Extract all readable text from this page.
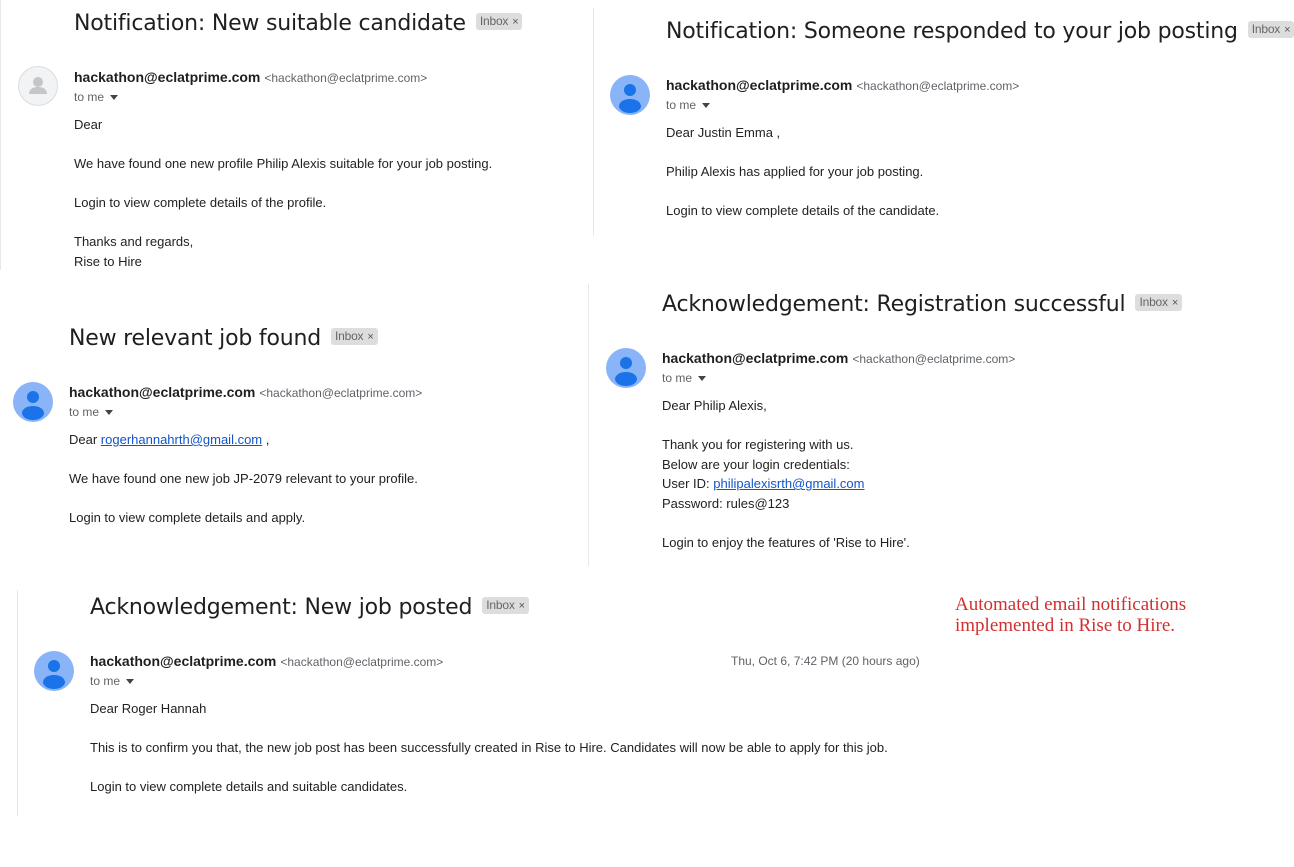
Notification: New suitable candidate Inbox ×
hackathon@eclatprime.com <hackathon@eclatprime.com>
to me
Dear
We have found one new profile Philip Alexis suitable for your job posting.
Login to view complete details of the profile.
Thanks and regards,
Rise to Hire
Notification: Someone responded to your job posting Inbox ×
hackathon@eclatprime.com <hackathon@eclatprime.com>
to me
Dear Justin Emma ,
Philip Alexis has applied for your job posting.
Login to view complete details of the candidate.
New relevant job found Inbox ×
hackathon@eclatprime.com <hackathon@eclatprime.com>
to me
Dear rogerhannahrth@gmail.com ,
We have found one new job JP-2079 relevant to your profile.
Login to view complete details and apply.
Acknowledgement: Registration successful Inbox ×
hackathon@eclatprime.com <hackathon@eclatprime.com>
to me
Dear Philip Alexis,
Thank you for registering with us.
Below are your login credentials:
User ID: philipalexisrth@gmail.com
Password: rules@123
Login to enjoy the features of 'Rise to Hire'.
Acknowledgement: New job posted Inbox ×
hackathon@eclatprime.com <hackathon@eclatprime.com>	Thu, Oct 6, 7:42 PM (20 hours ago)
to me
Dear Roger Hannah
This is to confirm you that, the new job post has been successfully created in Rise to Hire. Candidates will now be able to apply for this job.
Login to view complete details and suitable candidates.
Automated email notifications
implemented in Rise to Hire.
